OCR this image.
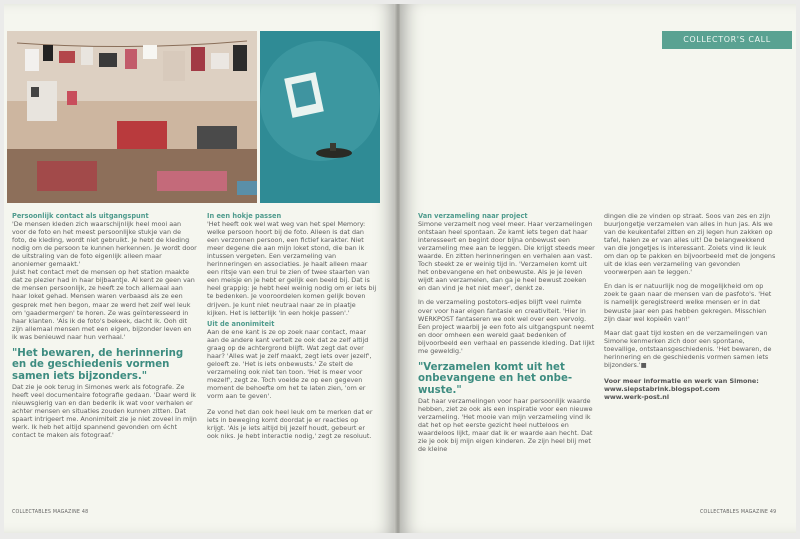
Persoonlijk contact als uitgangspunt

'De mensen kleden zich waarschijnlijk heel mooi aan voor de foto en het meest persoonlijke stukje van de foto, de kleding, wordt niet gebruikt. Je hebt de kleding nodig om de persoon te kunnen herkennen. Je wordt door de uitstraling van de foto eigenlijk alleen maar anoniemer gemaakt.'

Juist het contact met de mensen op het station maakte dat ze plezier had in haar bijbaantje. Al kent ze geen van de mensen persoonlijk, ze heeft ze toch allemaal aan haar loket gehad. Mensen waren verbaasd als ze een gesprek met hen begon, maar ze werd het zelf wel leuk om 'gaadermergen' te horen. Ze was geïnteresseerd in haar klanten. 'Als ik de foto's bekeek, dacht ik. Ooh dit zijn allemaal mensen met een eigen, bijzonder leven en ik was benieuwd naar hun verhaal.'

"Het bewaren, de herinnering en de geschiedenis vormen samen iets bijzonders."

Dat zie je ook terug in Simones werk als fotografe. Ze heeft veel documentaire fotografie gedaan. 'Daar werd ik nieuwsgierig van en dan bederik ik wat voor verhalen er achter mensen en situaties zouden kunnen zitten. Dat spaart intrigeert me. Anonimiteit zie je niet zoveel in mijn werk. Ik heb het altijd spannend gevonden om écht contact te maken als fotograaf.'

In een hokje passen

'Het heeft ook wel wat weg van het spel Memory: welke persoon hoort bij de foto. Alleen is dat dan een verzonnen persoon, een fictief karakter. Niet meer degene die aan mijn loket stond, die ban ik intussen vergeten. Een verzameling van herinneringen en associaties. Je haalt alleen maar een ritsje van een trui te zien of twee staarten van een meisje en je hebt er gelijk een beeld bij. Dat is heel grappig: je hebt heel weinig nodig om er iets bij te bedenken. Je vooroordelen komen gelijk boven drijven. Je kunt niet neutraal naar ze in plaatje kijken. Het is letterlijk 'in een hokje passen'.'

Uit de anonimiteit

Aan de ene kant is ze op zoek naar contact, maar aan de andere kant vertelt ze ook dat ze zelf altijd graag op de achtergrond blijft. Wat zegt dat over haar? 'Alles wat je zelf maakt, zegt iets over jezelf', geloeft ze. 'Het is iets onbewusts.' Ze stelt de verzameling ook niet ten toon. 'Het is meer voor mezelf', zegt ze. Toch voelde ze op een gegeven moment de behoefte om het te laten zien, 'om er vorm aan te geven'.

Ze vond het dan ook heel leuk om te merken dat er iets in beweging komt doordat je er reacties op krijgt. 'Als je iets altijd bij jezelf houdt, gebeurt er ook niks. Je hebt interactie nodig,' zegt ze resoluut.

COLLECTABLES MAGAZINE 48
COLLECTOR'S CALL

Van verzameling naar project

Simone verzamelt nog veel meer. Haar verzamelingen ontstaan heel spontaan. Ze kamt iets tegen dat haar interesseert en begint door bijna onbewust een verzameling mee aan te leggen. Die krijgt steeds meer waarde. En zitten herinneringen en verhalen aan vast. Toch steekt ze er weinig tijd in. 'Verzamelen komt uit het onbevangene en het onbewuste. Als je je leven wijdt aan verzamelen, dan ga je heel bewust zoeken en dan vind je het niet meer', denkt ze.

In de verzameling postotors-edjes blijft veel ruimte over voor haar eigen fantasie en creativiteit. 'Hier in WERKPOST fantaseren we ook wel over een vervolg. Een project waarbij je een foto als uitgangspunt neemt en door omheen een wereld gaat bedenken of bijvoorbeeld een verhaal en passende kleding. Dat lijkt me geweldig.'

"Verzamelen komt uit het onbevangene en het onbe-wuste."

Dat haar verzamelingen voor haar persoonlijk waarde hebben, ziet ze ook als een inspiratie voor een nieuwe verzameling. 'Het mooie van mijn verzameling vind ik dat het op het eerste gezicht heel nutteloos en waardeloos lijkt, maar dat ik er waarde aan hecht. Dat zie je ook bij mijn eigen kinderen. Ze zijn heel blij met de kleine

dingen die ze vinden op straat. Soos van zes en zijn buurjongetje verzamelen van alles in hun jas. Als we van de keukentafel zitten en zij legen hun zakken op tafel, halen ze er van alles uit! De belangwekkend van die jongetjes is interessant. Zoiets vind ik leuk om dan op te pakken en bijvoorbeeld met de jongens uit de klas een verzameling van gevonden voorwerpen aan te leggen.'

En dan is er natuurlijk nog de mogelijkheid om op zoek te gaan naar de mensen van de pasfoto's. 'Het is namelijk geregistreerd welke mensen er in dat bewuste jaar een pas hebben gekregen. Misschien zijn daar wel kopieën van!'

Maar dat gaat tijd kosten en de verzamelingen van Simone kenmerken zich door een spontane, toevallige, ontstaansgeschiedenis. 'Het bewaren, de herinnering en de geschiedenis vormen samen iets bijzonders.'■

Voor meer informatie en werk van Simone:

www.siepstabrink.blogspot.com

www.werk-post.nl

COLLECTABLES MAGAZINE 49
